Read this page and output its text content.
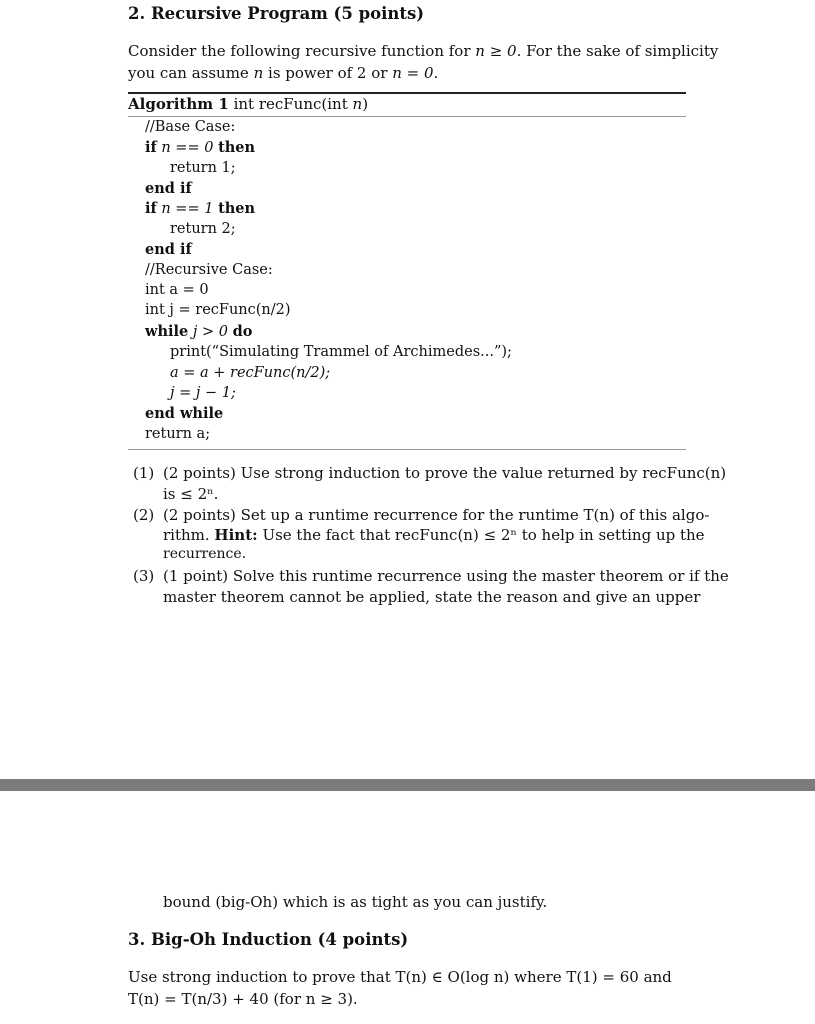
2. Recursive Program (5 points)
Consider the following recursive function for n ≥ 0. For the sake of simplicity
you can assume n is power of 2 or n = 0.
Algorithm 1 int recFunc(int n)
//Base Case:
if n == 0 then
return 1;
end if
if n == 1 then
return 2;
end if
//Recursive Case:
int a = 0
int j = recFunc(n/2)
while j > 0 do
print(“Simulating Trammel of Archimedes...”);
a = a + recFunc(n/2);
j = j − 1;
end while
return a;
(1) (2 points) Use strong induction to prove the value returned by recFunc(n)
is ≤ 2ⁿ.
(2) (2 points) Set up a runtime recurrence for the runtime T(n) of this algo-
rithm. Hint: Use the fact that recFunc(n) ≤ 2ⁿ to help in setting up the
recurrence.
(3) (1 point) Solve this runtime recurrence using the master theorem or if the
master theorem cannot be applied, state the reason and give an upper
bound (big-Oh) which is as tight as you can justify.
3. Big-Oh Induction (4 points)
Use strong induction to prove that T(n) ∈ O(log n) where T(1) = 60 and
T(n) = T(n/3) + 40 (for n ≥ 3).
